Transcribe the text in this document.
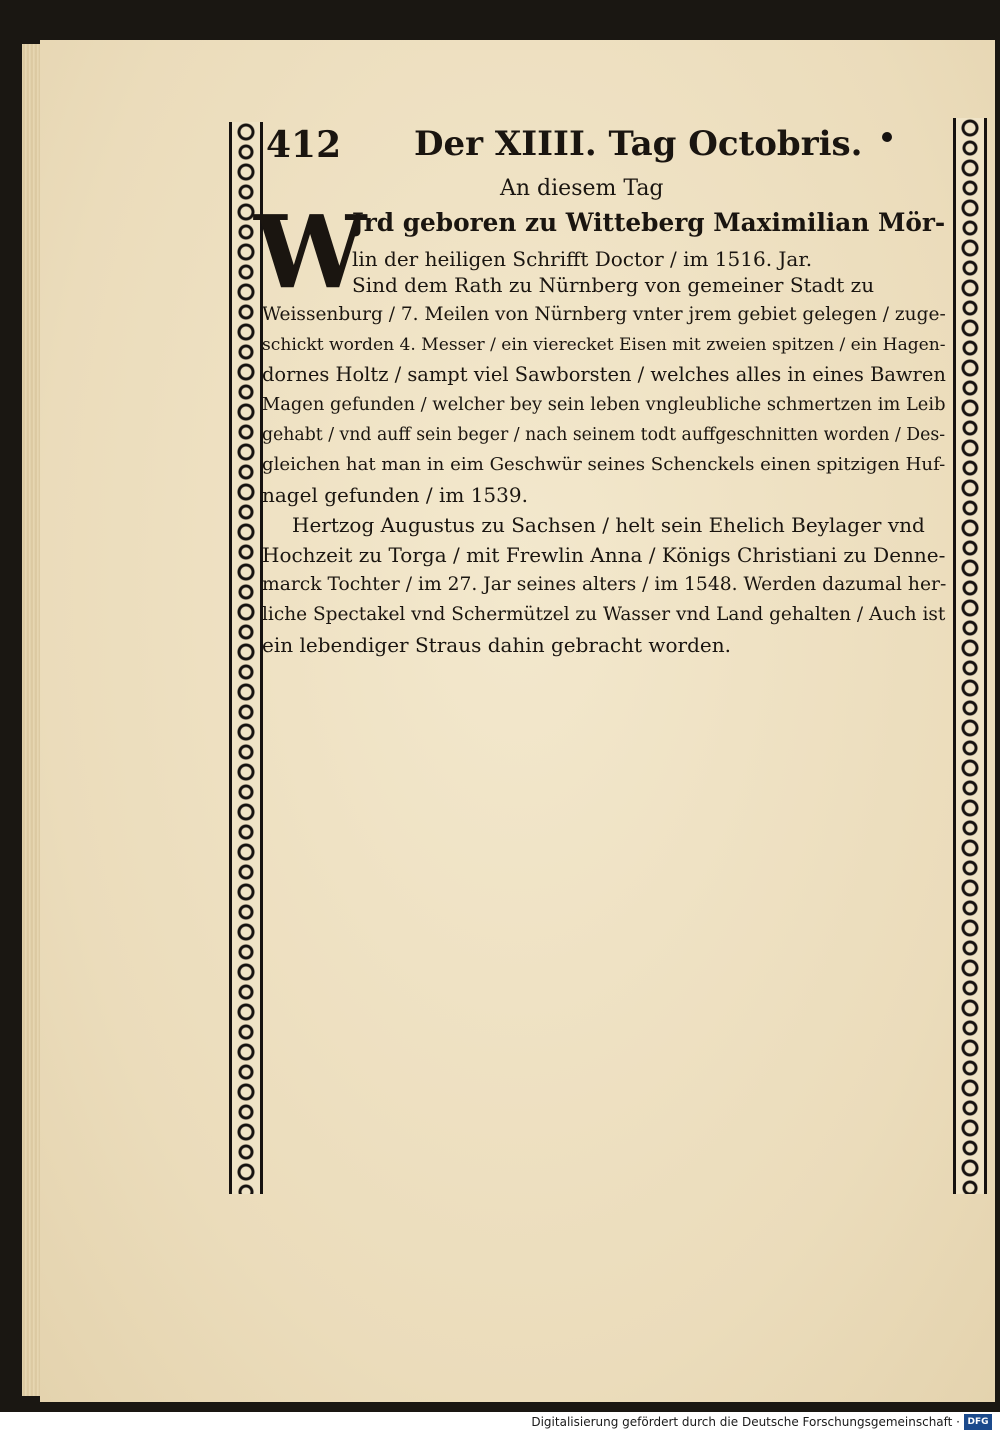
412 Der XIIII. Tag Octobris.
An diesem Tag
W
Jrd geboren zu Witteberg Maximilian Mör-
lin der heiligen Schrifft Doctor / im 1516. Jar.
Sind dem Rath zu Nürnberg von gemeiner Stadt zu
Weissenburg / 7. Meilen von Nürnberg vnter jrem gebiet gelegen / zuge-
schickt worden 4. Messer / ein vierecket Eisen mit zweien spitzen / ein Hagen-
dornes Holtz / sampt viel Sawborsten / welches alles in eines Bawren
Magen gefunden / welcher bey sein leben vngleubliche schmertzen im Leib
gehabt / vnd auff sein beger / nach seinem todt auffgeschnitten worden / Des-
gleichen hat man in eim Geschwür seines Schenckels einen spitzigen Huf-
nagel gefunden / im 1539.
Hertzog Augustus zu Sachsen / helt sein Ehelich Beylager vnd
Hochzeit zu Torga / mit Frewlin Anna / Königs Christiani zu Denne-
marck Tochter / im 27. Jar seines alters / im 1548. Werden dazumal her-
liche Spectakel vnd Schermützel zu Wasser vnd Land gehalten / Auch ist
ein lebendiger Straus dahin gebracht worden.
Digitalisierung gefördert durch die Deutsche Forschungsgemeinschaft · DFG
